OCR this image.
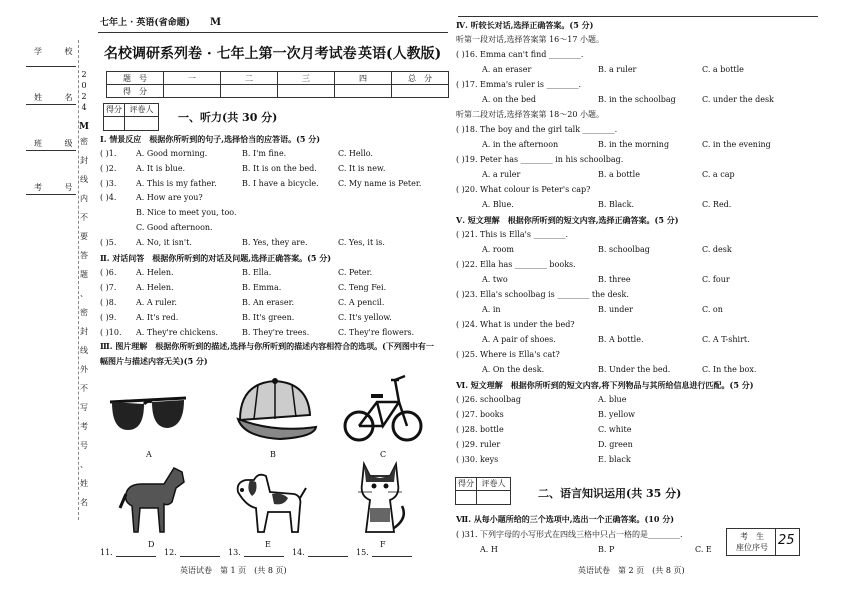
七年上 · 英语(省命题) M
名校调研系列卷 · 七年上第一次月考试卷 英语(人教版)
学 校
姓 名
班 级
考 号
2
0
2
4
M
密
封
线
内
不
要
答
题
、
密
封
线
外
不
写
考
号
、
姓
名
题　号	一	二	三	四	总　分
得　分					
得分 评卷人
一、听力(共 30 分)
Ⅰ. 情景反应　根据你所听到的句子,选择恰当的应答语。(5 分)
( )1. A. Good morning.	B. I'm fine.	C. Hello.
( )2. A. It is blue.	B. It is on the bed.	C. It is new.
( )3. A. This is my father.	B. I have a bicycle. C. My name is Peter.
( )4. A. How are you?
B. Nice to meet you, too.
C. Good afternoon.
( )5. A. No, it isn't.	B. Yes, they are.	C. Yes, it is.
Ⅱ. 对话问答　根据你所听到的对话及问题,选择正确答案。(5 分)
( )6. A. Helen.	B. Ella.	C. Peter.
( )7. A. Helen.	B. Emma.	C. Teng Fei.
( )8. A. A ruler.	B. An eraser.	C. A pencil.
( )9. A. It's red.	B. It's green.	C. It's yellow.
( )10. A. They're chickens.	B. They're trees.	C. They're flowers.
Ⅲ. 图片理解　根据你所听到的描述,选择与你所听到的描述内容相符合的选项。(下列图中有一
幅图片与描述内容无关)(5 分)
A	B	C
D	E	F
11.	12.	13.	14.	15.
英语试卷　第 1 页　(共 8 页)
Ⅳ. 听较长对话,选择正确答案。(5 分)
听第一段对话,选择答案第 16～17 小题。
( )16. Emma can't find ________.
A. an eraser	B. a ruler	C. a bottle
( )17. Emma's ruler is ________.
A. on the bed	B. in the schoolbag	C. under the desk
听第二段对话,选择答案第 18～20 小题。
( )18. The boy and the girl talk ________.
A. in the afternoon	B. in the morning	C. in the evening
( )19. Peter has ________ in his schoolbag.
A. a ruler	B. a bottle	C. a cap
( )20. What colour is Peter's cap?
A. Blue.	B. Black.	C. Red.
Ⅴ. 短文理解　根据你所听到的短文内容,选择正确答案。(5 分)
( )21. This is Ella's ________.
A. room	B. schoolbag	C. desk
( )22. Ella has ________ books.
A. two	B. three	C. four
( )23. Ella's schoolbag is ________ the desk.
A. in	B. under	C. on
( )24. What is under the bed?
A. A pair of shoes.	B. A bottle.	C. A T-shirt.
( )25. Where is Ella's cat?
A. On the desk.	B. Under the bed.	C. In the box.
Ⅵ. 短文理解　根据你所听到的短文内容,将下列物品与其所给信息进行匹配。(5 分)
( )26. schoolbag	A. blue
( )27. books	B. yellow
( )28. bottle	C. white
( )29. ruler	D. green
( )30. keys	E. black
得分 评卷人
二、语言知识运用(共 35 分)
Ⅶ. 从每小题所给的三个选项中,选出一个正确答案。(10 分)
( )31. 下列字母的小写形式在四线三格中只占一格的是________.
A. H	B. P	C. E
考　生
座位序号 25
英语试卷　第 2 页　(共 8 页)
